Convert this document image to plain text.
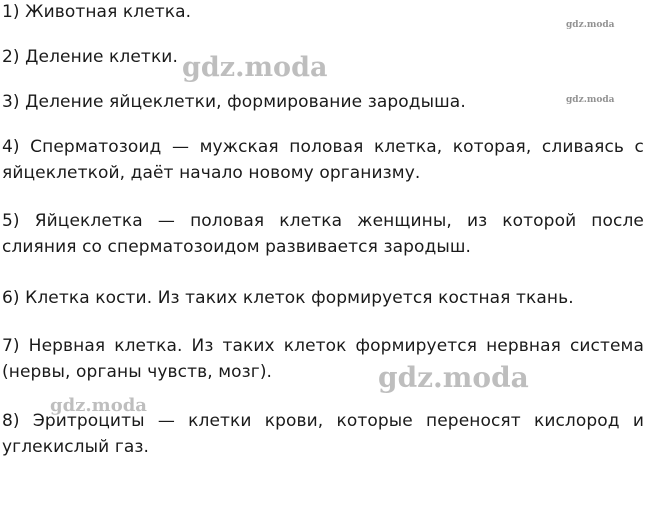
1) Животная клетка.
2) Деление клетки.
3) Деление яйцеклетки, формирование зародыша.
4) Сперматозоид — мужская половая клетка, которая, сливаясь с яйцеклеткой, даёт начало новому организму.
5) Яйцеклетка — половая клетка женщины, из которой после слияния со сперматозоидом развивается зародыш.
6) Клетка кости. Из таких клеток формируется костная ткань.
7) Нервная клетка. Из таких клеток формируется нервная система (нервы, органы чувств, мозг).
8) Эритроциты — клетки крови, которые переносят кислород и углекислый газ.
gdz.moda
gdz.moda
gdz.moda
gdz.moda
gdz.moda
